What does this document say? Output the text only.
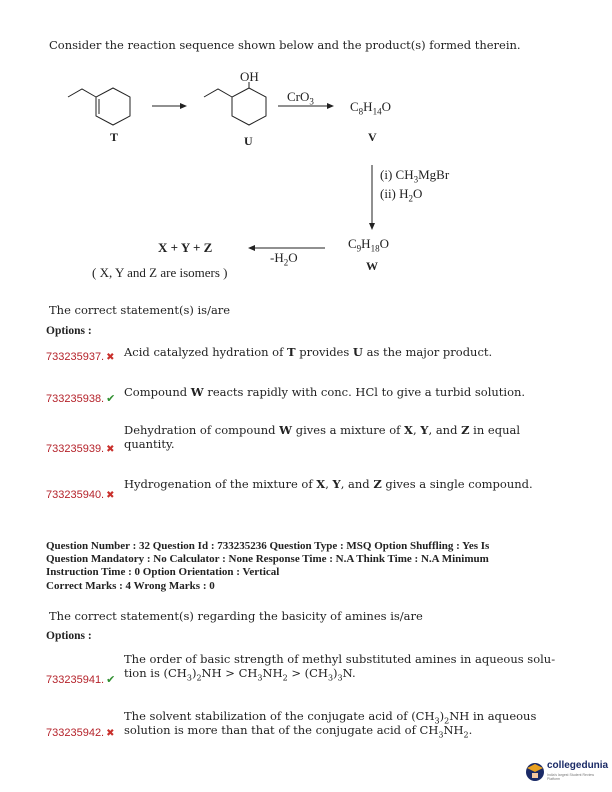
Consider the reaction sequence shown below and the product(s) formed therein.
OH
T	U
CrO$_3$	$C_8H_{14}O$
V
(i) $CH_3MgBr$
(ii) $H_2O$
$C_9H_{18}O$
W
$-H_2O$
X + Y + Z
( X, Y and Z are isomers )
The correct statement(s) is/are
Options :
733235937. ✖ Acid catalyzed hydration of T provides U as the major product.
733235938. ✔ Compound W reacts rapidly with conc. HCl to give a turbid solution.
Dehydration of compound W gives a mixture of X, Y, and Z in equal
733235939. ✖ quantity.
Hydrogenation of the mixture of X, Y, and Z gives a single compound.
733235940. ✖
Question Number : 32 Question Id : 733235236 Question Type : MSQ Option Shuffling : Yes Is
Question Mandatory : No Calculator : None Response Time : N.A Think Time : N.A Minimum
Instruction Time : 0 Option Orientation : Vertical
Correct Marks : 4 Wrong Marks : 0
The correct statement(s) regarding the basicity of amines is/are
Options :
The order of basic strength of methyl substituted amines in aqueous solu-
tion is $(CH_3)_2NH > CH_3NH_2 > (CH_3)_3N$.
733235941. ✔
The solvent stabilization of the conjugate acid of $(CH_3)_2NH$ in aqueous
733235942. ✖ solution is more than that of the conjugate acid of $CH_3NH_2$.
collegedunia
India's largest Student Review Platform
